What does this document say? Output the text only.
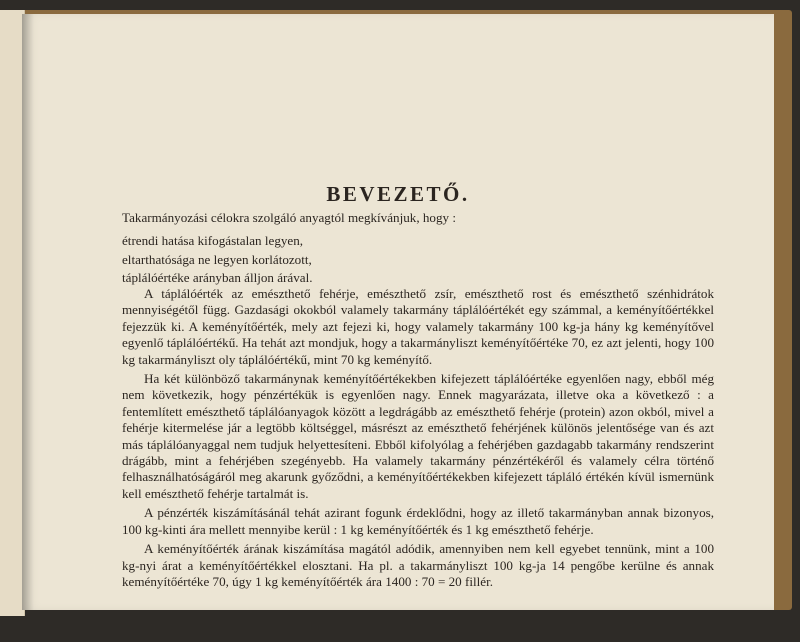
BEVEZETŐ.

Takarmányozási célokra szolgáló anyagtól megkívánjuk, hogy :

étrendi hatása kifogástalan legyen,

eltarthatósága ne legyen korlátozott,

táplálóértéke arányban álljon árával.

A táplálóérték az emészthető fehérje, emészthető zsír, emészthető rost és emészthető szénhidrátok mennyiségétől függ. Gazdasági okokból valamely takarmány táplálóértékét egy számmal, a keményítőértékkel fejezzük ki. A keményítőérték, mely azt fejezi ki, hogy valamely takarmány 100 kg-ja hány kg keményítővel egyenlő táplálóértékű. Ha tehát azt mondjuk, hogy a takarmányliszt keményítőértéke 70, ez azt jelenti, hogy 100 kg takarmányliszt oly táplálóértékű, mint 70 kg keményítő.

Ha két különböző takarmánynak keményítőértékekben kifejezett táplálóértéke egyenlően nagy, ebből még nem következik, hogy pénzértékük is egyenlően nagy. Ennek magyarázata, illetve oka a következő : a fentemlített emészthető táplálóanyagok között a legdrágább az emészthető fehérje (protein) azon okból, mivel a fehérje kitermelése jár a legtöbb költséggel, másrészt az emészthető fehérjének különös jelentősége van és azt más táplálóanyaggal nem tudjuk helyettesíteni. Ebből kifolyólag a fehérjében gazdagabb takarmány rendszerint drágább, mint a fehérjében szegényebb. Ha valamely takarmány pénzértékéről és valamely célra történő felhasználhatóságáról meg akarunk győződni, a keményítőértékekben kifejezett tápláló értékén kívül ismernünk kell emészthető fehérje tartalmát is.

A pénzérték kiszámításánál tehát azirant fogunk érdeklődni, hogy az illető takarmányban annak bizonyos, 100 kg-kinti ára mellett mennyibe kerül : 1 kg keményítőérték és 1 kg emészthető fehérje.

A keményítőérték árának kiszámítása magától adódik, amennyiben nem kell egyebet tennünk, mint a 100 kg-nyi árat a keményítőértékkel elosztani. Ha pl. a takarmányliszt 100 kg-ja 14 pengőbe kerülne és annak keményítőértéke 70, úgy 1 kg keményítőérték ára 1400 : 70 = 20 fillér.
